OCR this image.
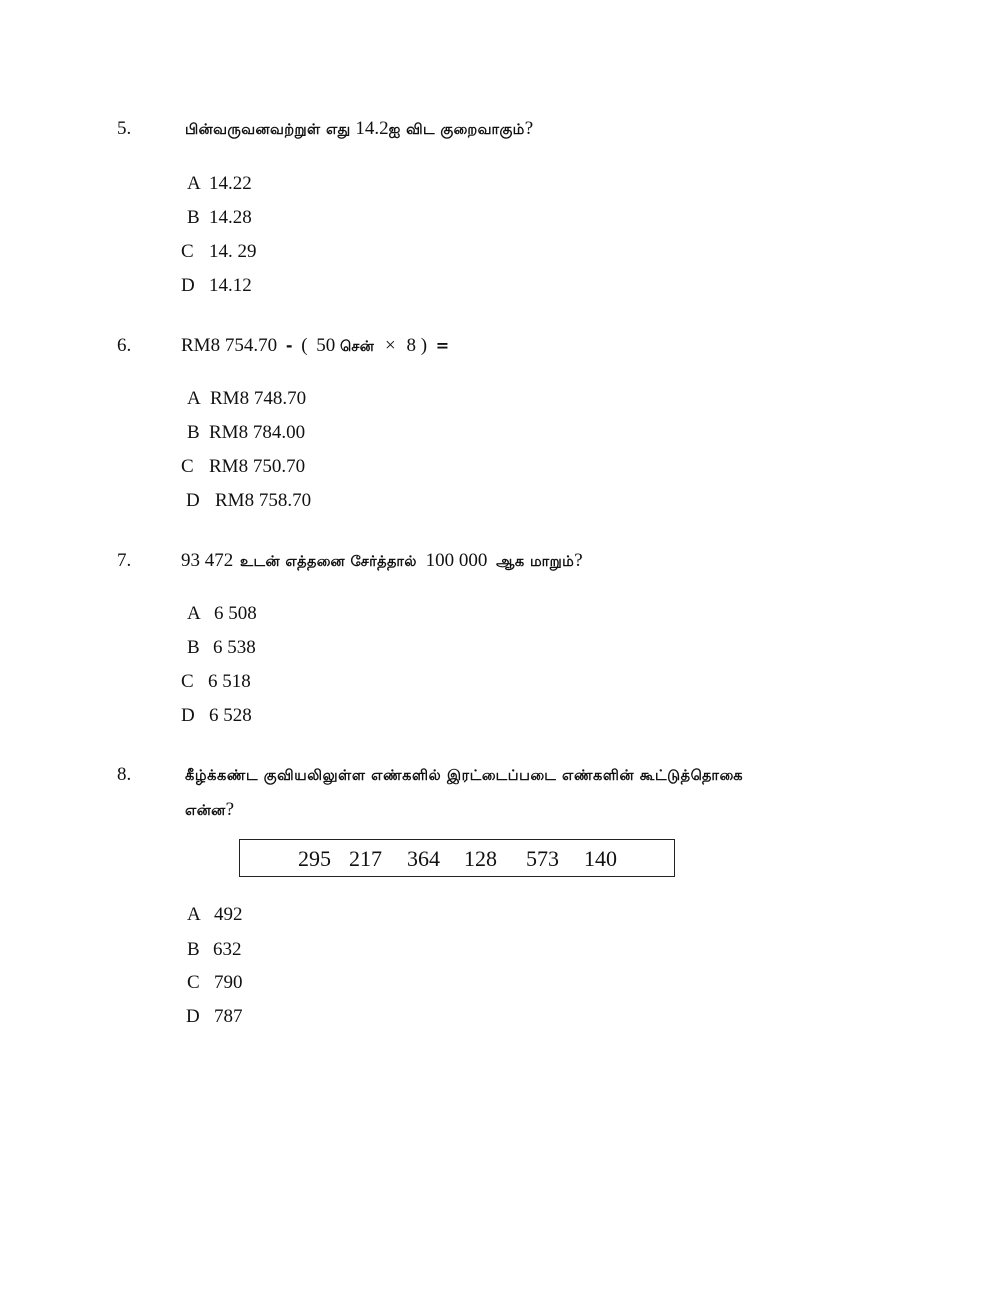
5.	பின்வருவனவற்றுள் எது 14.2ஐ விட குறைவாகும்?
A 14.22
B 14.28
C 14. 29
D 14.12
6.	RM8 754.70 - ( 50 சென் × 8 ) =
A RM8 748.70
B RM8 784.00
C RM8 750.70
D RM8 758.70
7.	93 472 உடன் எத்தனை சேர்த்தால் 100 000 ஆக மாறும்?
A 6 508
B 6 538
C 6 518
D 6 528
8.	கீழ்க்கண்ட குவியலிலுள்ள எண்களில் இரட்டைப்படை எண்களின் கூட்டுத்தொகை
என்ன?
295 217 364 128 573 140
A 492
B 632
C 790
D 787
